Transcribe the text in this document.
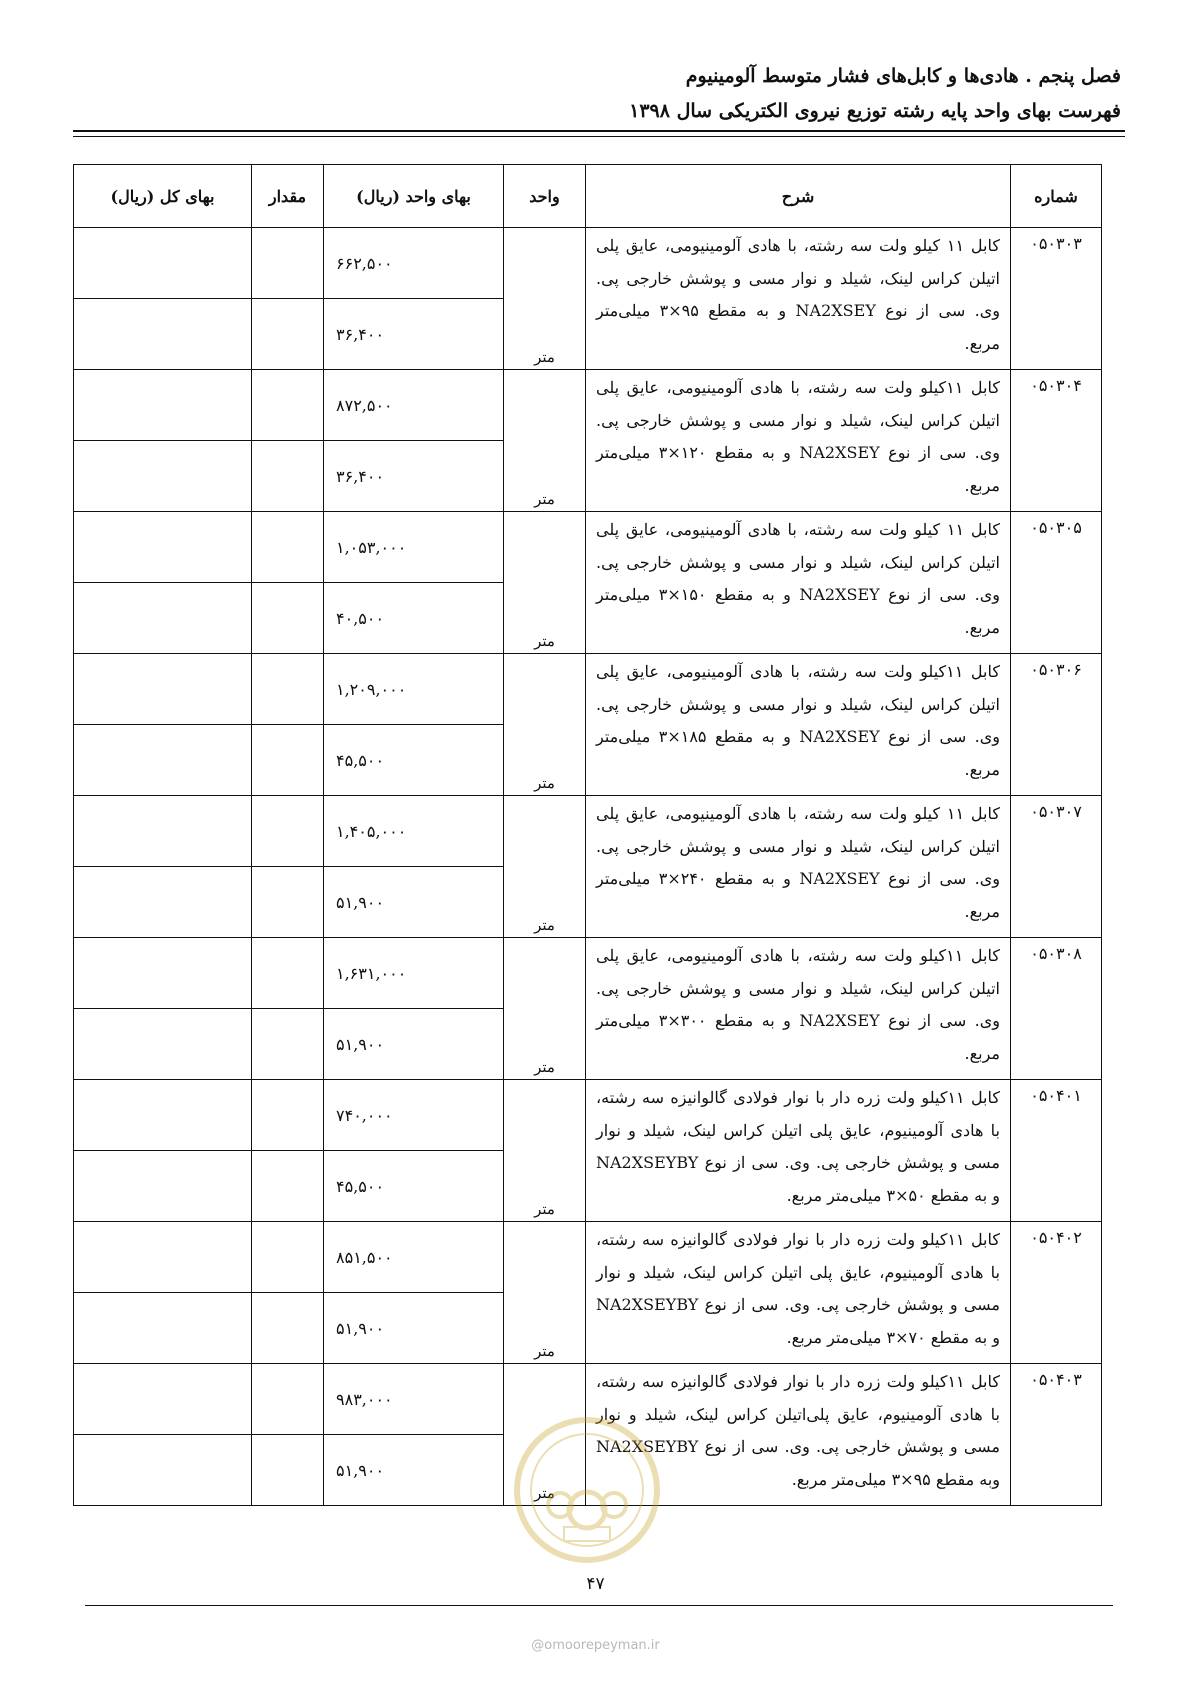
فصل پنجم . هادی‌ها و کابل‌های فشار متوسط آلومینیوم
فهرست بهای واحد پایه رشته توزیع نیروی الکتریکی سال ۱۳۹۸
شماره	شرح	واحد	بهای واحد (ریال)	مقدار	بهای کل (ریال)
۰۵۰۳۰۳	کابل ۱۱ کیلو ولت سه رشته، با هادی آلومینیومی، عایق پلی اتیلن کراس لینک، شیلد و نوار مسی و پوشش خارجی پی. وی. سی از نوع NA2XSEY و به مقطع ۹۵×۳ میلی‌متر مربع.	متر	۶۶۲,۵۰۰		
			۳۶,۴۰۰		
۰۵۰۳۰۴	کابل ۱۱کیلو ولت سه رشته، با هادی آلومینیومی، عایق پلی اتیلن کراس لینک، شیلد و نوار مسی و پوشش خارجی پی. وی. سی از نوع NA2XSEY و به مقطع ۱۲۰×۳ میلی‌متر مربع.	متر	۸۷۲,۵۰۰		
			۳۶,۴۰۰		
۰۵۰۳۰۵	کابل ۱۱ کیلو ولت سه رشته، با هادی آلومینیومی، عایق پلی اتیلن کراس لینک، شیلد و نوار مسی و پوشش خارجی پی. وی. سی از نوع NA2XSEY و به مقطع ۱۵۰×۳ میلی‌متر مربع.	متر	۱,۰۵۳,۰۰۰		
			۴۰,۵۰۰		
۰۵۰۳۰۶	کابل ۱۱کیلو ولت سه رشته، با هادی آلومینیومی، عایق پلی اتیلن کراس لینک، شیلد و نوار مسی و پوشش خارجی پی. وی. سی از نوع NA2XSEY و به مقطع ۱۸۵×۳ میلی‌متر مربع.	متر	۱,۲۰۹,۰۰۰		
			۴۵,۵۰۰		
۰۵۰۳۰۷	کابل ۱۱ کیلو ولت سه رشته، با هادی آلومینیومی، عایق پلی اتیلن کراس لینک، شیلد و نوار مسی و پوشش خارجی پی. وی. سی از نوع NA2XSEY و به مقطع ۲۴۰×۳ میلی‌متر مربع.	متر	۱,۴۰۵,۰۰۰		
			۵۱,۹۰۰		
۰۵۰۳۰۸	کابل ۱۱کیلو ولت سه رشته، با هادی آلومینیومی، عایق پلی اتیلن کراس لینک، شیلد و نوار مسی و پوشش خارجی پی. وی. سی از نوع NA2XSEY و به مقطع ۳۰۰×۳ میلی‌متر مربع.	متر	۱,۶۳۱,۰۰۰		
			۵۱,۹۰۰		
۰۵۰۴۰۱	کابل ۱۱کیلو ولت زره دار با نوار فولادی گالوانیزه سه رشته، با هادی آلومینیوم، عایق پلی اتیلن کراس لینک، شیلد و نوار مسی و پوشش خارجی پی. وی. سی از نوع NA2XSEYBY و به مقطع ۵۰×۳ میلی‌متر مربع.	متر	۷۴۰,۰۰۰		
			۴۵,۵۰۰		
۰۵۰۴۰۲	کابل ۱۱کیلو ولت زره دار با نوار فولادی گالوانیزه سه رشته، با هادی آلومینیوم، عایق پلی اتیلن کراس لینک، شیلد و نوار مسی و پوشش خارجی پی. وی. سی از نوع NA2XSEYBY و به مقطع ۷۰×۳ میلی‌متر مربع.	متر	۸۵۱,۵۰۰		
			۵۱,۹۰۰		
۰۵۰۴۰۳	کابل ۱۱کیلو ولت زره دار با نوار فولادی گالوانیزه سه رشته، با هادی آلومینیوم، عایق پلی‌اتیلن کراس لینک، شیلد و نوار مسی و پوشش خارجی پی. وی. سی از نوع NA2XSEYBY وبه مقطع ۹۵×۳ میلی‌متر مربع.	متر	۹۸۳,۰۰۰		
			۵۱,۹۰۰		
۴۷
@omoorepeyman.ir
